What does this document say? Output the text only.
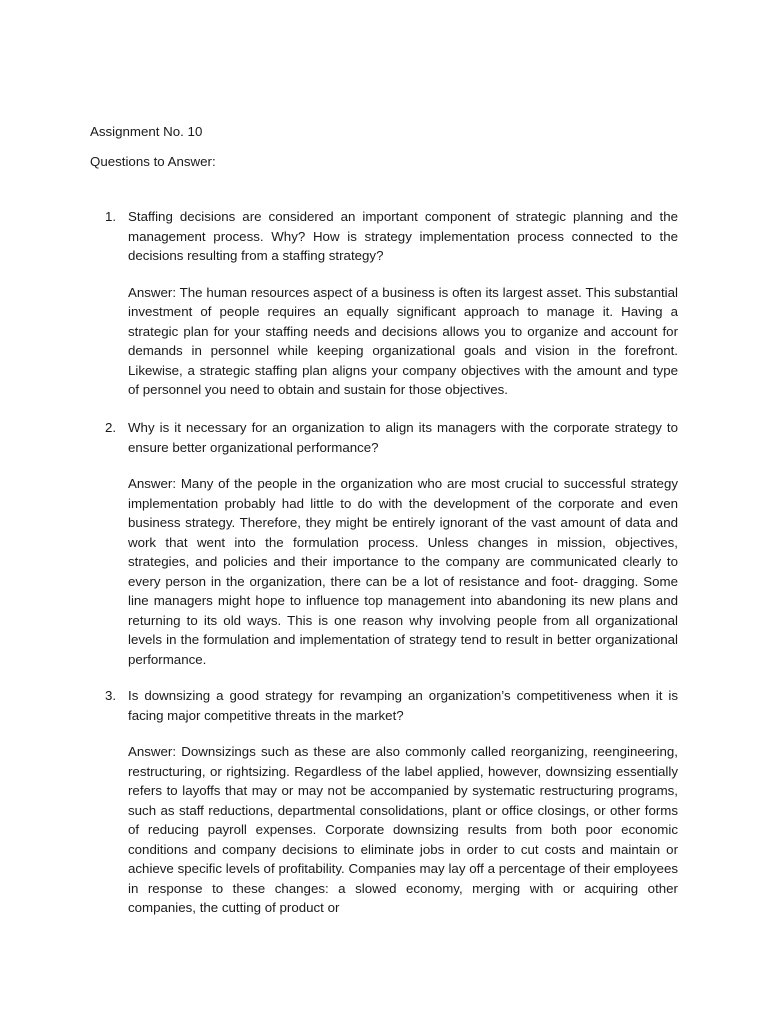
Assignment No. 10
Questions to Answer:
1. Staffing decisions are considered an important component of strategic planning and the management process. Why? How is strategy implementation process connected to the decisions resulting from a staffing strategy?
Answer: The human resources aspect of a business is often its largest asset. This substantial investment of people requires an equally significant approach to manage it. Having a strategic plan for your staffing needs and decisions allows you to organize and account for demands in personnel while keeping organizational goals and vision in the forefront. Likewise, a strategic staffing plan aligns your company objectives with the amount and type of personnel you need to obtain and sustain for those objectives.
2. Why is it necessary for an organization to align its managers with the corporate strategy to ensure better organizational performance?
Answer: Many of the people in the organization who are most crucial to successful strategy implementation probably had little to do with the development of the corporate and even business strategy. Therefore, they might be entirely ignorant of the vast amount of data and work that went into the formulation process. Unless changes in mission, objectives, strategies, and policies and their importance to the company are communicated clearly to every person in the organization, there can be a lot of resistance and foot- dragging. Some line managers might hope to influence top management into abandoning its new plans and returning to its old ways. This is one reason why involving people from all organizational levels in the formulation and implementation of strategy tend to result in better organizational performance.
3. Is downsizing a good strategy for revamping an organization’s competitiveness when it is facing major competitive threats in the market?
Answer: Downsizings such as these are also commonly called reorganizing, reengineering, restructuring, or rightsizing. Regardless of the label applied, however, downsizing essentially refers to layoffs that may or may not be accompanied by systematic restructuring programs, such as staff reductions, departmental consolidations, plant or office closings, or other forms of reducing payroll expenses. Corporate downsizing results from both poor economic conditions and company decisions to eliminate jobs in order to cut costs and maintain or achieve specific levels of profitability. Companies may lay off a percentage of their employees in response to these changes: a slowed economy, merging with or acquiring other companies, the cutting of product or
